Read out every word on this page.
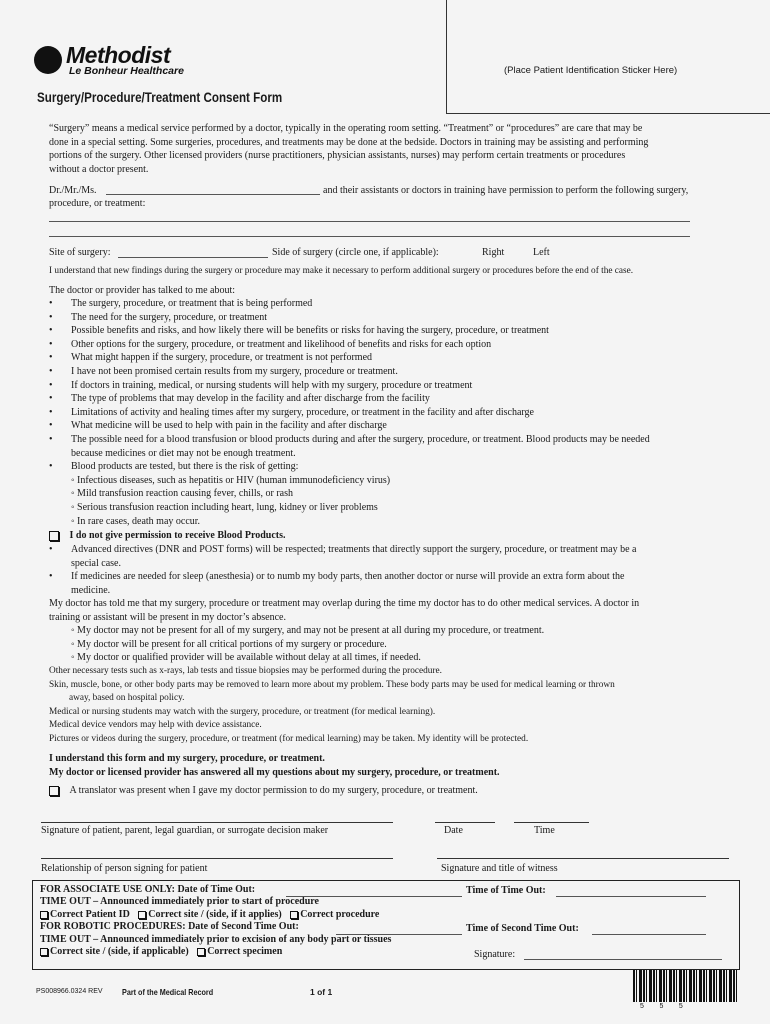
Methodist
Le Bonheur Healthcare	(Place Patient Identification Sticker Here)
Surgery/Procedure/Treatment Consent Form
“Surgery” means a medical service performed by a doctor, typically in the operating room setting. “Treatment” or “procedures” are care that may be
done in a special setting. Some surgeries, procedures, and treatments may be done at the bedside. Doctors in training may be assisting and performing
portions of the surgery. Other licensed providers (nurse practitioners, physician assistants, nurses) may perform certain treatments or procedures
without a doctor present.
Dr./Mr./Ms.	and their assistants or doctors in training have permission to perform the following surgery,
procedure, or treatment:
Site of surgery:	Side of surgery (circle one, if applicable):	Right	Left
I understand that new findings during the surgery or procedure may make it necessary to perform additional surgery or procedures before the end of the case.
The doctor or provider has talked to me about:
• The surgery, procedure, or treatment that is being performed
• The need for the surgery, procedure, or treatment
• Possible benefits and risks, and how likely there will be benefits or risks for having the surgery, procedure, or treatment
• Other options for the surgery, procedure, or treatment and likelihood of benefits and risks for each option
• What might happen if the surgery, procedure, or treatment is not performed
• I have not been promised certain results from my surgery, procedure or treatment.
• If doctors in training, medical, or nursing students will help with my surgery, procedure or treatment
• The type of problems that may develop in the facility and after discharge from the facility
• Limitations of activity and healing times after my surgery, procedure, or treatment in the facility and after discharge
• What medicine will be used to help with pain in the facility and after discharge
• The possible need for a blood transfusion or blood products during and after the surgery, procedure, or treatment. Blood products may be needed
because medicines or diet may not be enough treatment.
• Blood products are tested, but there is the risk of getting:
◦ Infectious diseases, such as hepatitis or HIV (human immunodeficiency virus)
◦ Mild transfusion reaction causing fever, chills, or rash
◦ Serious transfusion reaction including heart, lung, kidney or liver problems
◦ In rare cases, death may occur.
I do not give permission to receive Blood Products.
• Advanced directives (DNR and POST forms) will be respected; treatments that directly support the surgery, procedure, or treatment may be a
special case.
• If medicines are needed for sleep (anesthesia) or to numb my body parts, then another doctor or nurse will provide an extra form about the
medicine.
My doctor has told me that my surgery, procedure or treatment may overlap during the time my doctor has to do other medical services. A doctor in
training or assistant will be present in my doctor’s absence.
◦ My doctor may not be present for all of my surgery, and may not be present at all during my procedure, or treatment.
◦ My doctor will be present for all critical portions of my surgery or procedure.
◦ My doctor or qualified provider will be available without delay at all times, if needed.
Other necessary tests such as x-rays, lab tests and tissue biopsies may be performed during the procedure.
Skin, muscle, bone, or other body parts may be removed to learn more about my problem. These body parts may be used for medical learning or thrown
away, based on hospital policy.
Medical or nursing students may watch with the surgery, procedure, or treatment (for medical learning).
Medical device vendors may help with device assistance.
Pictures or videos during the surgery, procedure, or treatment (for medical learning) may be taken. My identity will be protected.
I understand this form and my surgery, procedure, or treatment.
My doctor or licensed provider has answered all my questions about my surgery, procedure, or treatment.
A translator was present when I gave my doctor permission to do my surgery, procedure, or treatment.
Signature of patient, parent, legal guardian, or surrogate decision maker	Date	Time
Relationship of person signing for patient	Signature and title of witness
FOR ASSOCIATE USE ONLY: Date of Time Out:
TIME OUT – Announced immediately prior to start of procedure
Correct Patient ID Correct site / (side, if it applies) Correct procedure
FOR ROBOTIC PROCEDURES: Date of Second Time Out:
TIME OUT – Announced immediately prior to excision of any body part or tissues
Correct site / (side, if applicable) Correct specimen
Time of Time Out:
Time of Second Time Out:
Signature:
PS008966.0324 REV Part of the Medical Record	1 of 1
5        5        5
